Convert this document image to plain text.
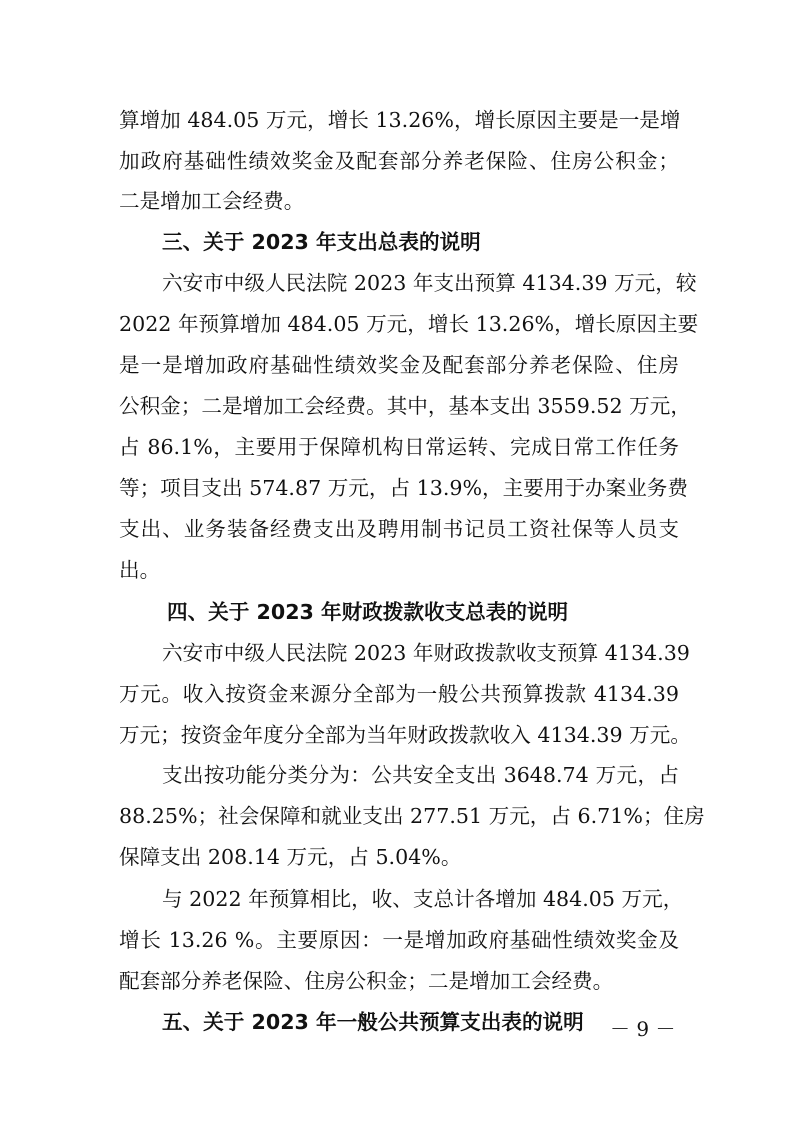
算增加 484.05 万元，增长 13.26%，增长原因主要是一是增
加政府基础性绩效奖金及配套部分养老保险、住房公积金；
二是增加工会经费。
三、关于 2023 年支出总表的说明
六安市中级人民法院 2023 年支出预算 4134.39 万元，较
2022 年预算增加 484.05 万元，增长 13.26%，增长原因主要
是一是增加政府基础性绩效奖金及配套部分养老保险、住房
公积金；二是增加工会经费。其中，基本支出 3559.52 万元，
占 86.1%，主要用于保障机构日常运转、完成日常工作任务
等；项目支出 574.87 万元，占 13.9%，主要用于办案业务费
支出、业务装备经费支出及聘用制书记员工资社保等人员支
出。
四、关于 2023 年财政拨款收支总表的说明
六安市中级人民法院 2023 年财政拨款收支预算 4134.39
万元。收入按资金来源分全部为一般公共预算拨款 4134.39
万元；按资金年度分全部为当年财政拨款收入 4134.39 万元。
支出按功能分类分为：公共安全支出 3648.74 万元，占
88.25%；社会保障和就业支出 277.51 万元，占 6.71%；住房
保障支出 208.14 万元，占 5.04%。
与 2022 年预算相比，收、支总计各增加 484.05 万元，
增长 13.26 %。主要原因：一是增加政府基础性绩效奖金及
配套部分养老保险、住房公积金；二是增加工会经费。
五、关于 2023 年一般公共预算支出表的说明 － 9 －
